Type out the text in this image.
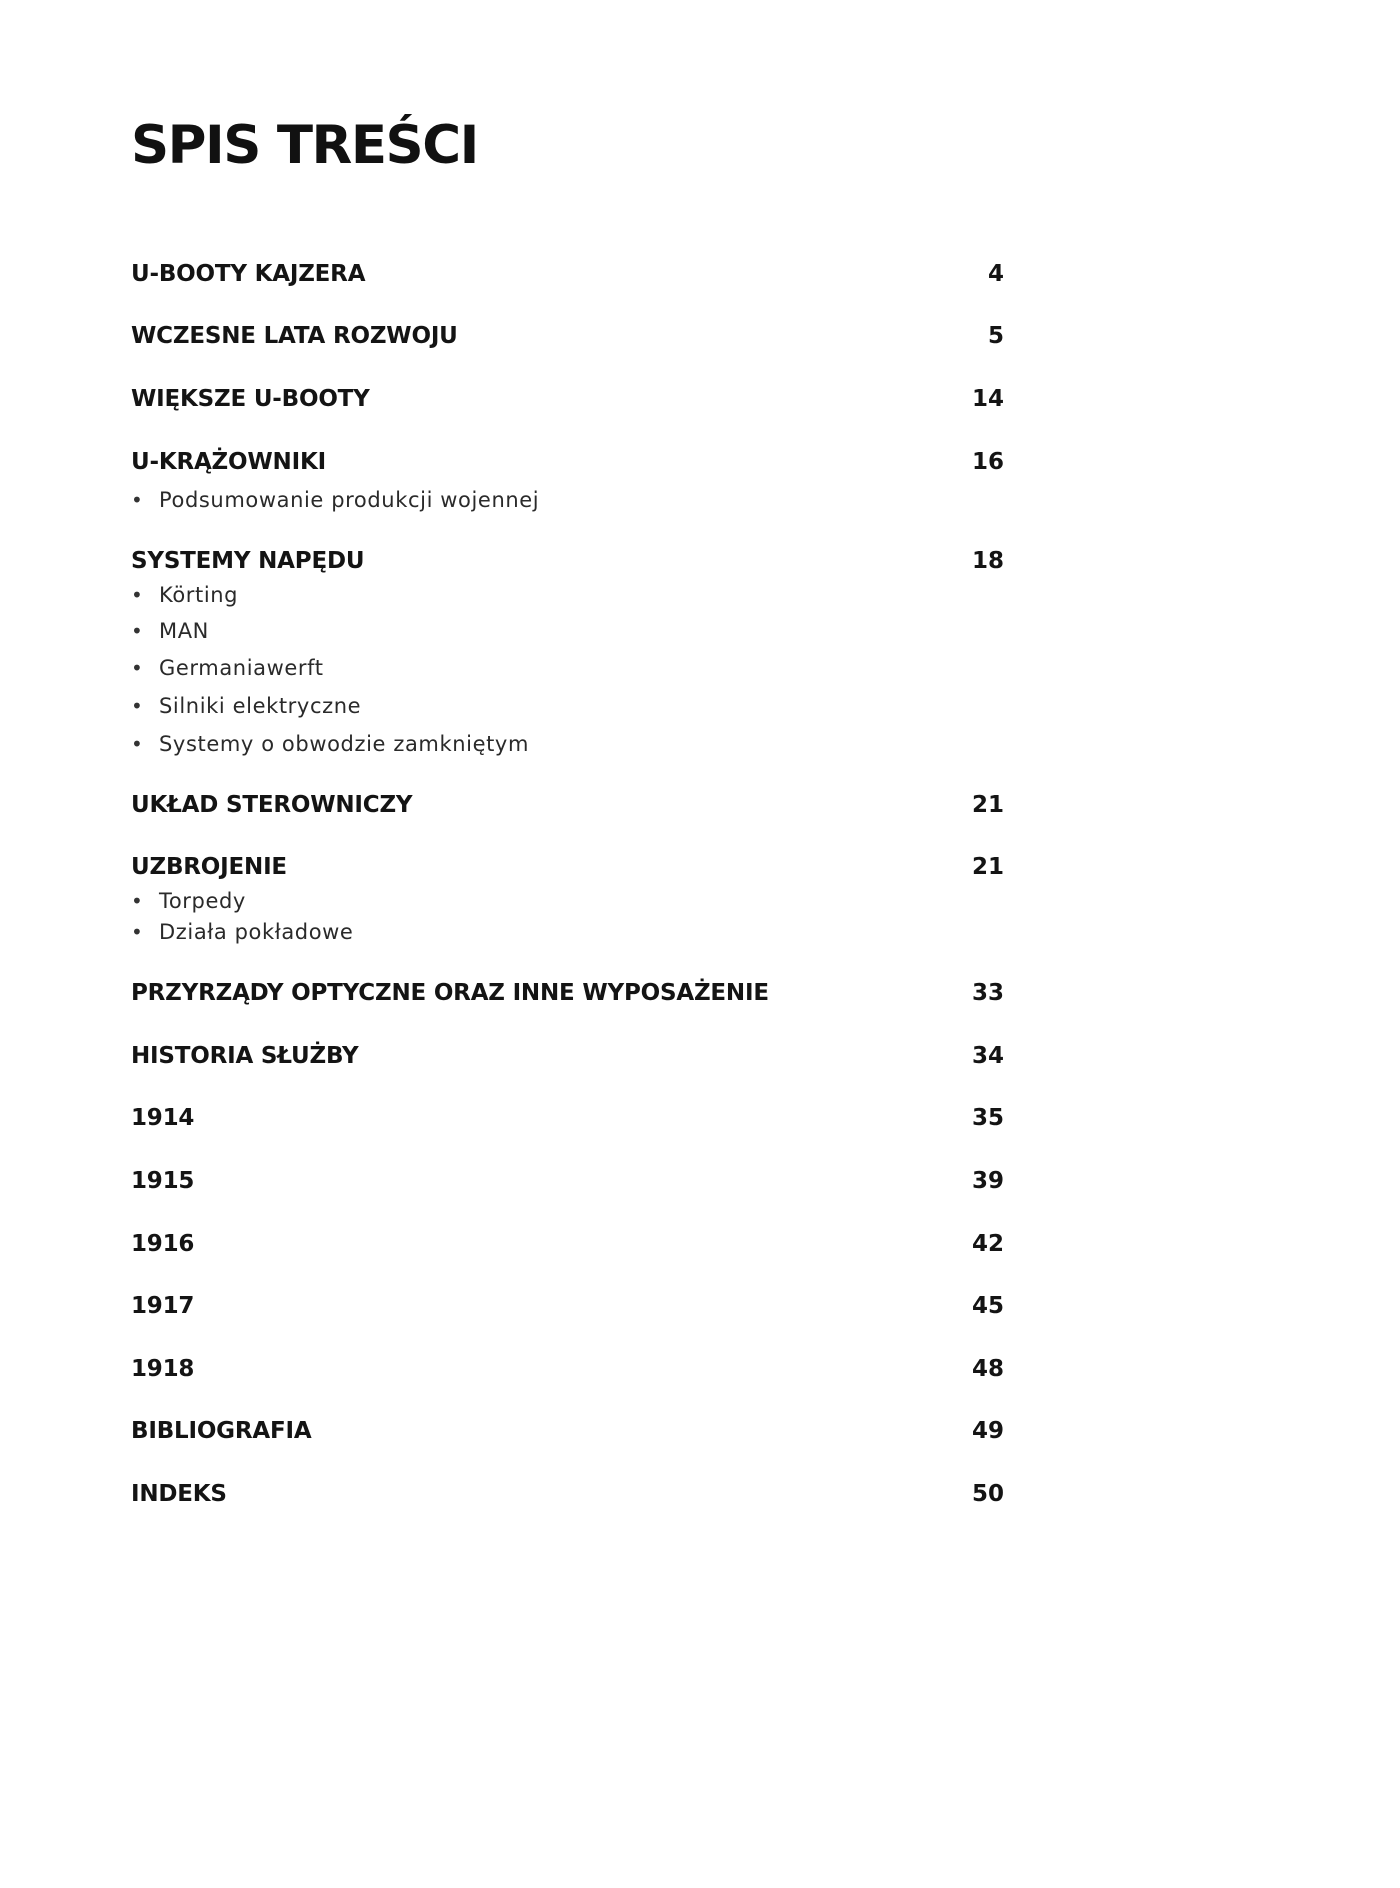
SPIS TREŚCI
U-BOOTY KAJZERA	4
WCZESNE LATA ROZWOJU	5
WIĘKSZE U-BOOTY	14
U-KRĄŻOWNIKI	16
• Podsumowanie produkcji wojennej
SYSTEMY NAPĘDU	18
• Körting
• MAN
• Germaniawerft
• Silniki elektryczne
• Systemy o obwodzie zamkniętym
UKŁAD STEROWNICZY	21
UZBROJENIE	21
• Torpedy
• Działa pokładowe
PRZYRZĄDY OPTYCZNE ORAZ INNE WYPOSAŻENIE	33
HISTORIA SŁUŻBY	34
1914	35
1915	39
1916	42
1917	45
1918	48
BIBLIOGRAFIA	49
INDEKS	50
